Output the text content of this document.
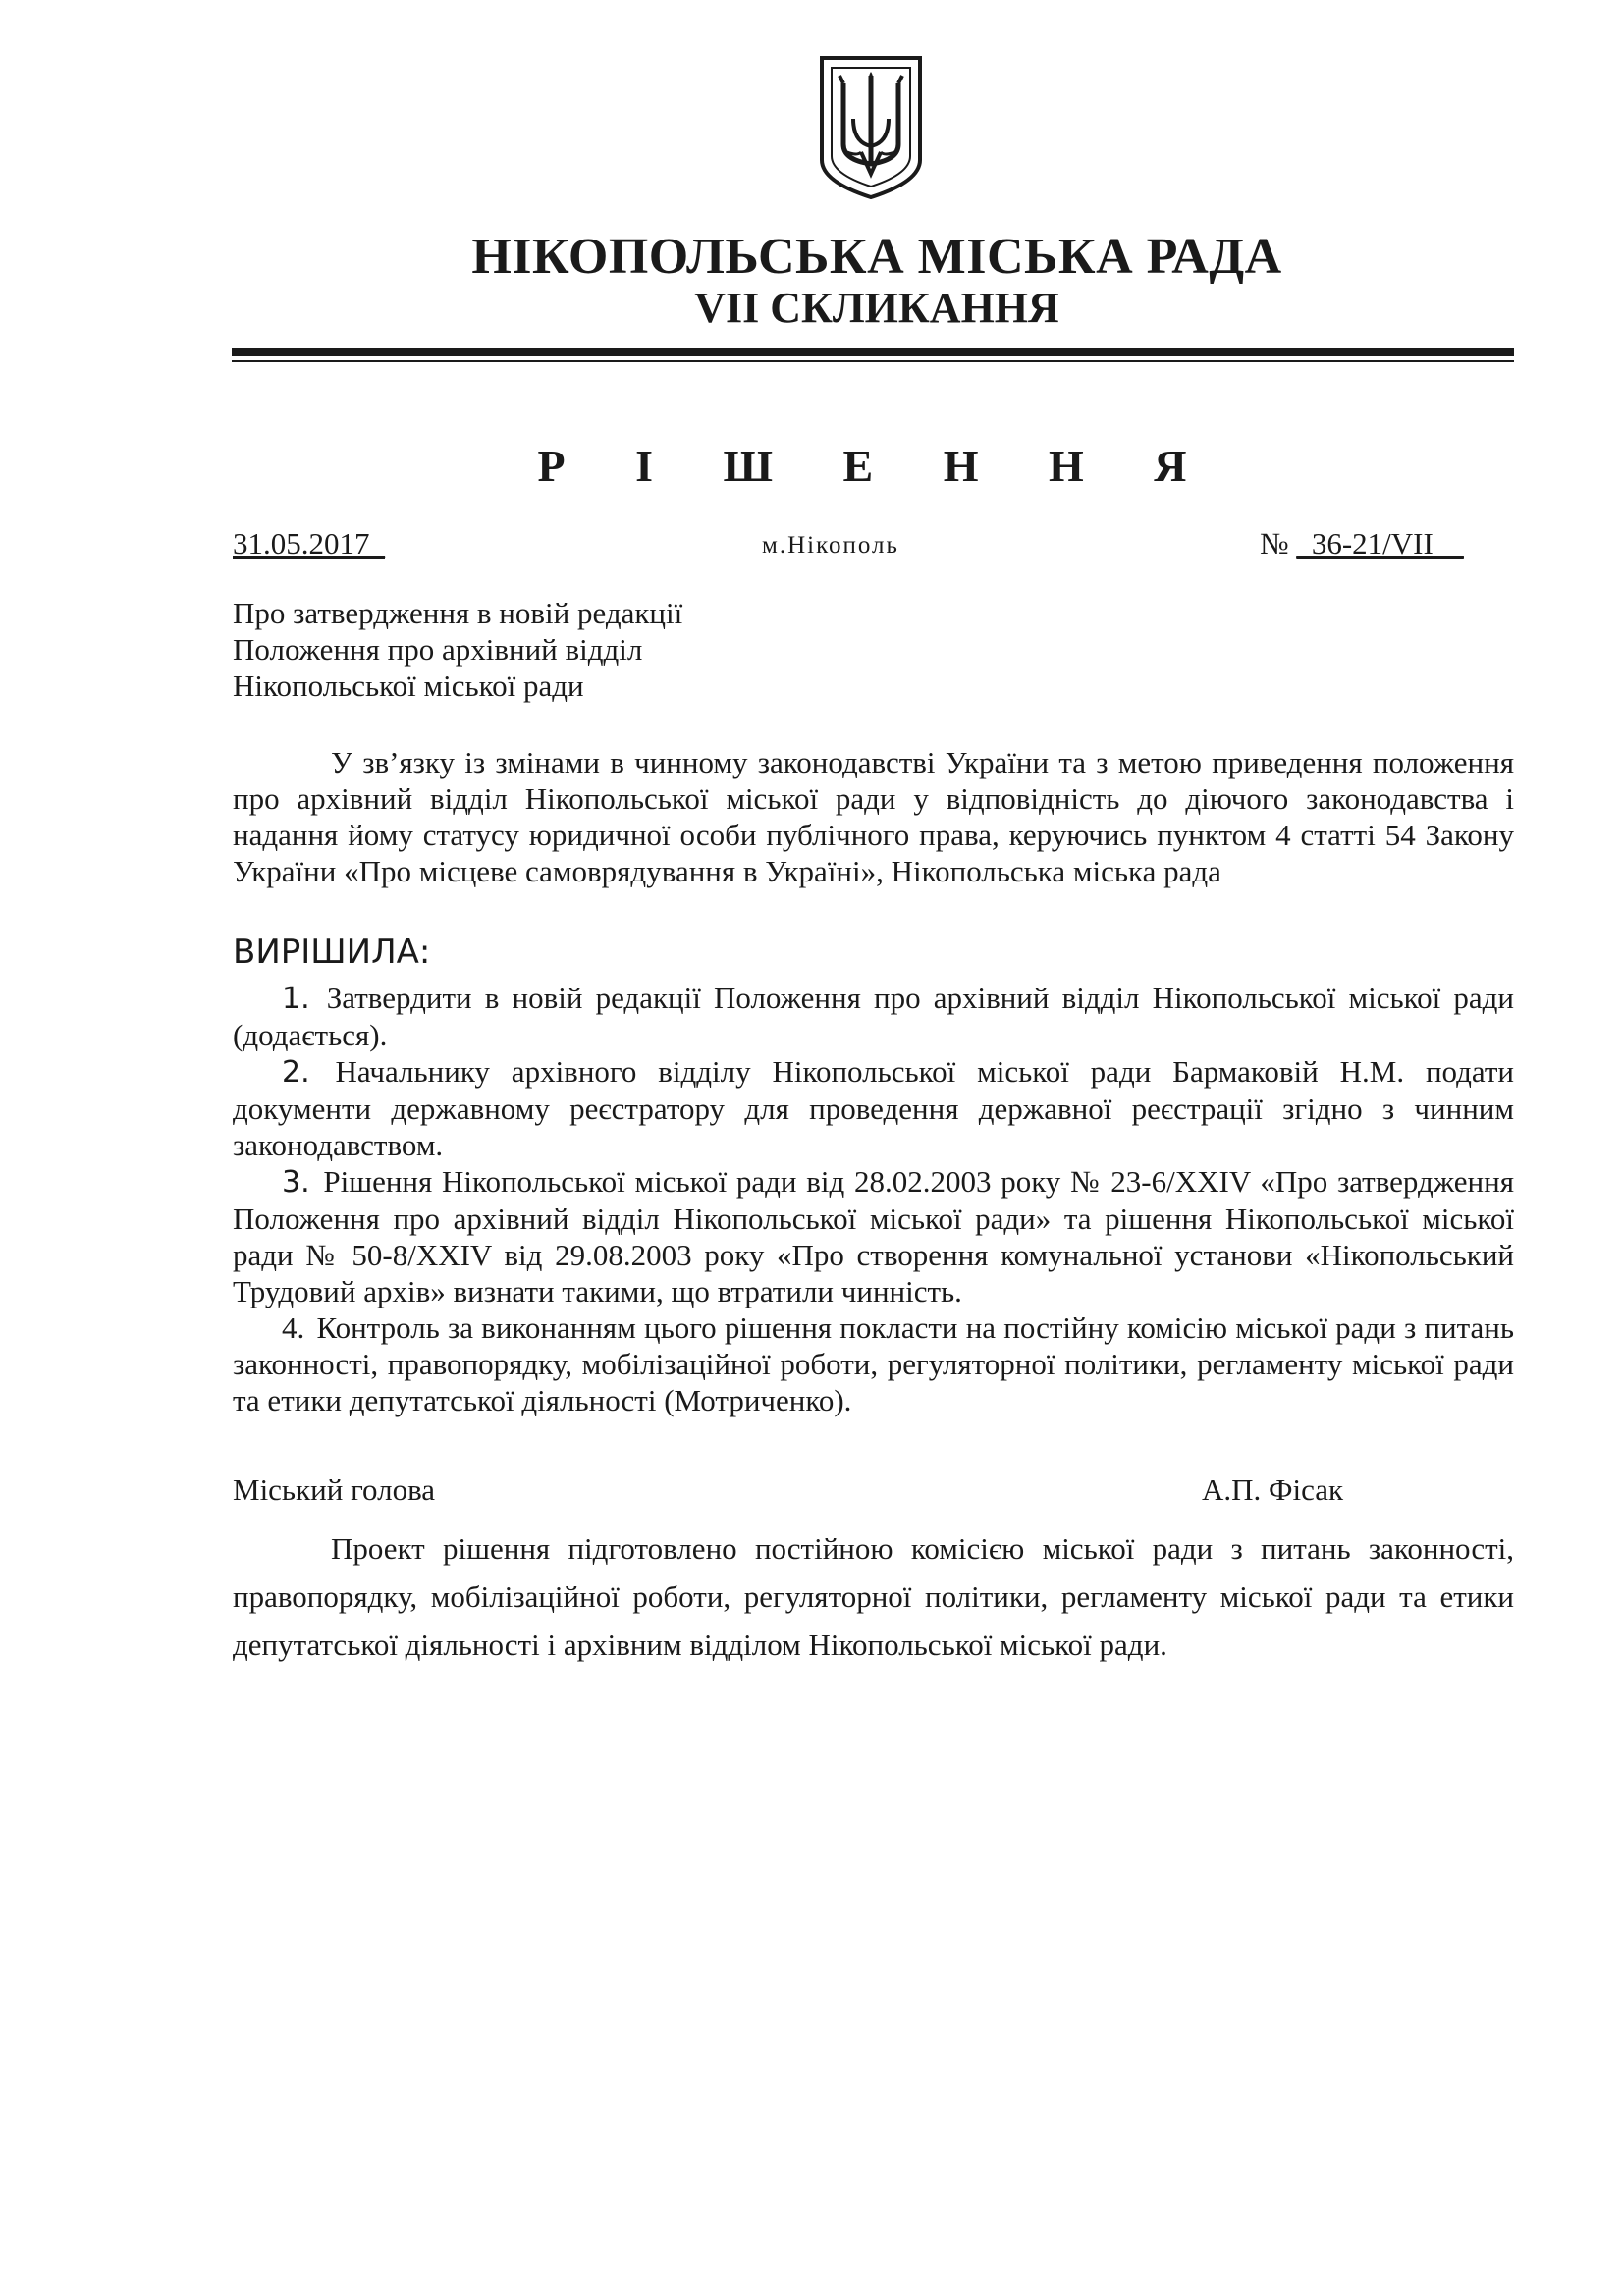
НІКОПОЛЬСЬКА МІСЬКА РАДА
VII СКЛИКАННЯ
Р І Ш Е Н Н Я
31.05.2017_	м.Нікополь	№ _36-21/VII__
Про затвердження в новій редакції
Положення про архівний відділ
Нікопольської міської ради
У зв’язку із змінами в чинному законодавстві України та з метою приведення положення про архівний відділ Нікопольської міської ради у відповідність до діючого законодавства і надання йому статусу юридичної особи публічного права, керуючись пунктом 4 статті 54 Закону України «Про місцеве самоврядування в Україні», Нікопольська міська рада
ВИРІШИЛА:
1. Затвердити в новій редакції Положення про архівний відділ Нікопольської міської ради (додається).
2. Начальнику архівного відділу Нікопольської міської ради Бармаковій Н.М. подати документи державному реєстратору для проведення державної реєстрації згідно з чинним законодавством.
3. Рішення Нікопольської міської ради від 28.02.2003 року № 23-6/XXIV «Про затвердження Положення про архівний відділ Нікопольської міської ради» та рішення Нікопольської міської ради № 50-8/XXIV від 29.08.2003 року «Про створення комунальної установи «Нікопольський Трудовий архів» визнати такими, що втратили чинність.
4. Контроль за виконанням цього рішення покласти на постійну комісію міської ради з питань законності, правопорядку, мобілізаційної роботи, регуляторної політики, регламенту міської ради та етики депутатської діяльності (Мотриченко).
Міський голова	А.П. Фісак
Проект рішення підготовлено постійною комісією міської ради з питань законності, правопорядку, мобілізаційної роботи, регуляторної політики, регламенту міської ради та етики депутатської діяльності і архівним відділом Нікопольської міської ради.
